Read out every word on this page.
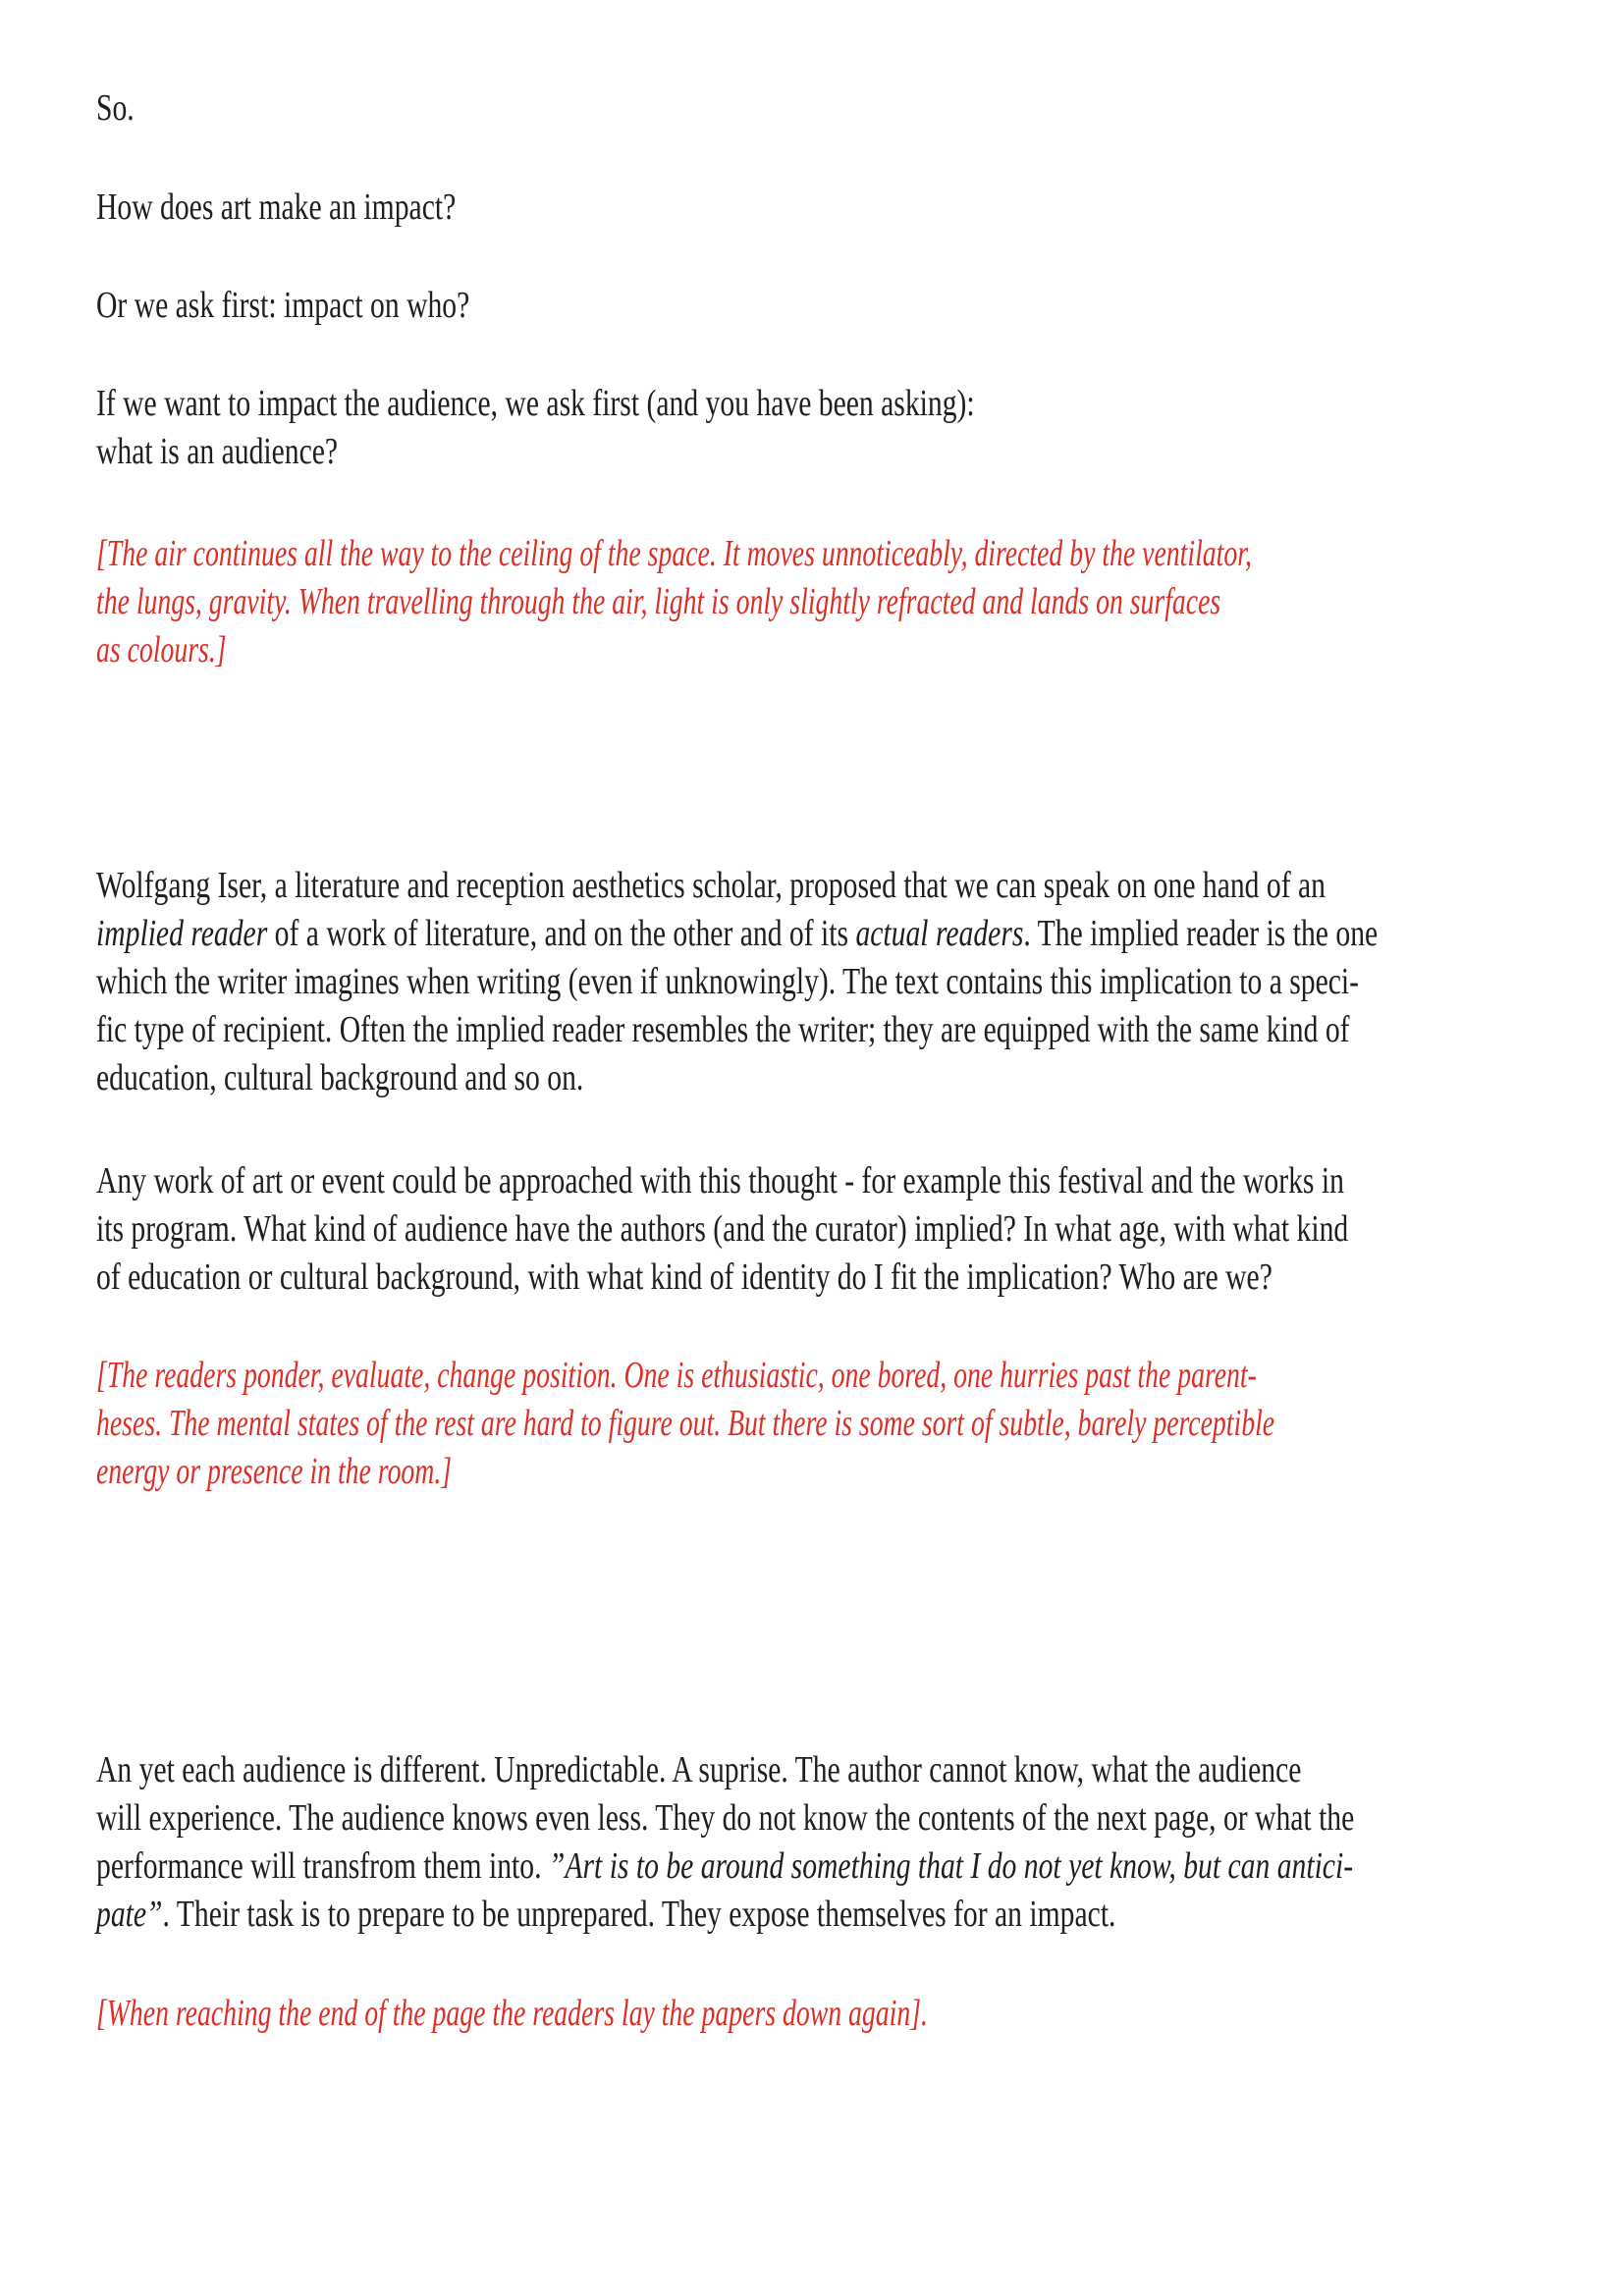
So.
How does art make an impact?
Or we ask first: impact on who?
If we want to impact the audience, we ask first (and you have been asking):
what is an audience?
[The air continues all the way to the ceiling of the space. It moves unnoticeably, directed by the ventilator,
the lungs, gravity. When travelling through the air, light is only slightly refracted and lands on surfaces
as colours.]
Wolfgang Iser, a literature and reception aesthetics scholar, proposed that we can speak on one hand of an
implied reader of a work of literature, and on the other and of its actual readers. The implied reader is the one
which the writer imagines when writing (even if unknowingly). The text contains this implication to a speci-
fic type of recipient. Often the implied reader resembles the writer; they are equipped with the same kind of
education, cultural background and so on.
Any work of art or event could be approached with this thought - for example this festival and the works in
its program. What kind of audience have the authors (and the curator) implied? In what age, with what kind
of education or cultural background, with what kind of identity do I fit the implication? Who are we?
[The readers ponder, evaluate, change position. One is ethusiastic, one bored, one hurries past the parent-
heses. The mental states of the rest are hard to figure out. But there is some sort of subtle, barely perceptible
energy or presence in the room.]
An yet each audience is different. Unpredictable. A suprise. The author cannot know, what the audience
will experience. The audience knows even less. They do not know the contents of the next page, or what the
performance will transfrom them into. ”Art is to be around something that I do not yet know, but can antici-
pate”. Their task is to prepare to be unprepared. They expose themselves for an impact.
[When reaching the end of the page the readers lay the papers down again].
